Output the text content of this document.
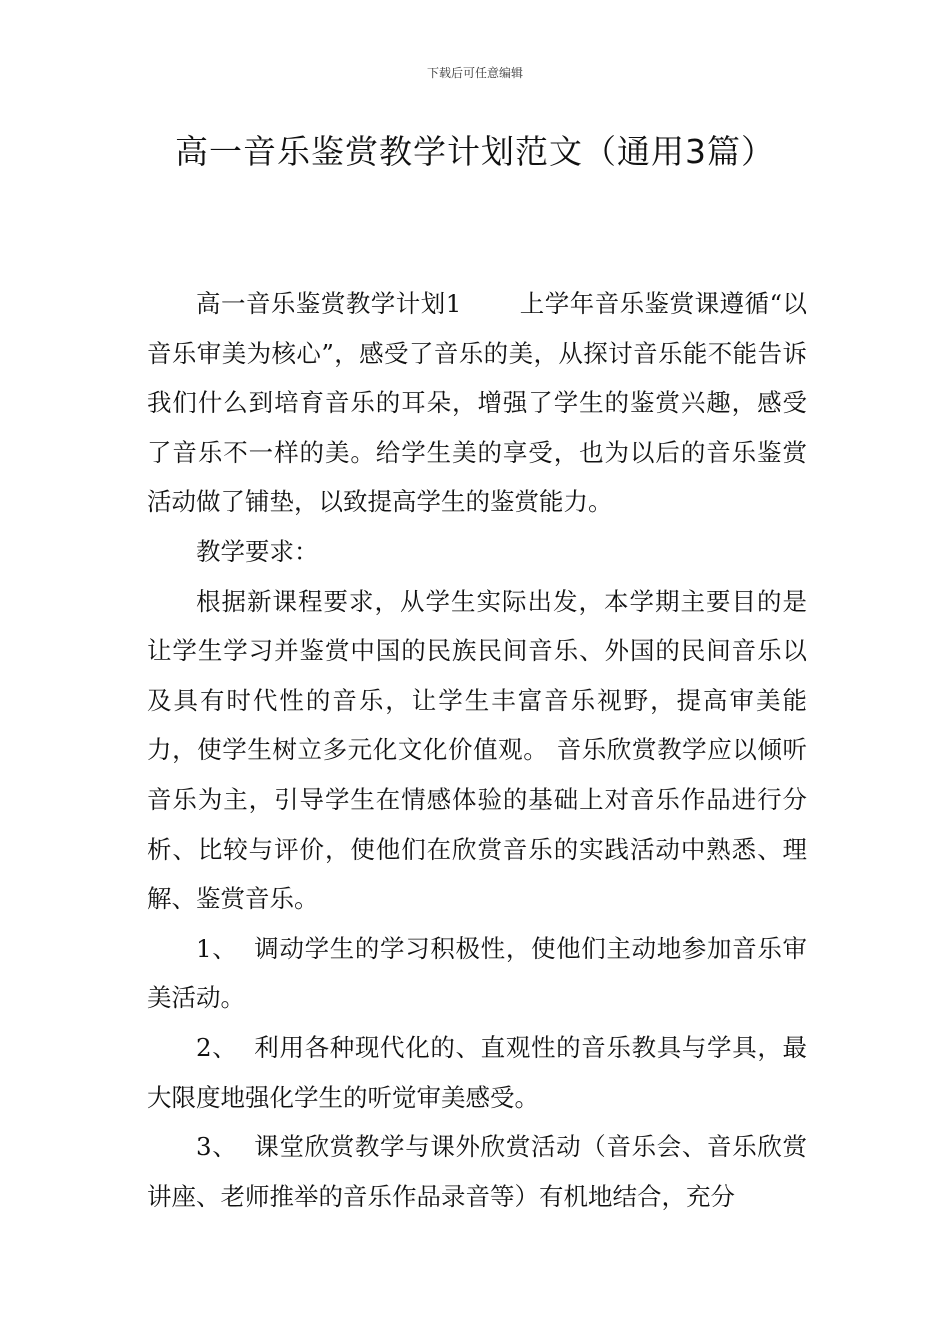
下载后可任意编辑
高一音乐鉴赏教学计划范文（通用3篇）

高一音乐鉴赏教学计划1 上学年音乐鉴赏课遵循“以音乐审美为核心”，感受了音乐的美，从探讨音乐能不能告诉我们什么到培育音乐的耳朵，增强了学生的鉴赏兴趣，感受了音乐不一样的美。给学生美的享受，也为以后的音乐鉴赏活动做了铺垫，以致提高学生的鉴赏能力。

教学要求：

根据新课程要求，从学生实际出发，本学期主要目的是让学生学习并鉴赏中国的民族民间音乐、外国的民间音乐以及具有时代性的音乐，让学生丰富音乐视野，提高审美能力，使学生树立多元化文化价值观。 音乐欣赏教学应以倾听音乐为主，引导学生在情感体验的基础上对音乐作品进行分析、比较与评价，使他们在欣赏音乐的实践活动中熟悉、理解、鉴赏音乐。

1、 调动学生的学习积极性，使他们主动地参加音乐审美活动。

2、 利用各种现代化的、直观性的音乐教具与学具，最大限度地强化学生的听觉审美感受。

3、 课堂欣赏教学与课外欣赏活动（音乐会、音乐欣赏讲座、老师推举的音乐作品录音等）有机地结合，充分
